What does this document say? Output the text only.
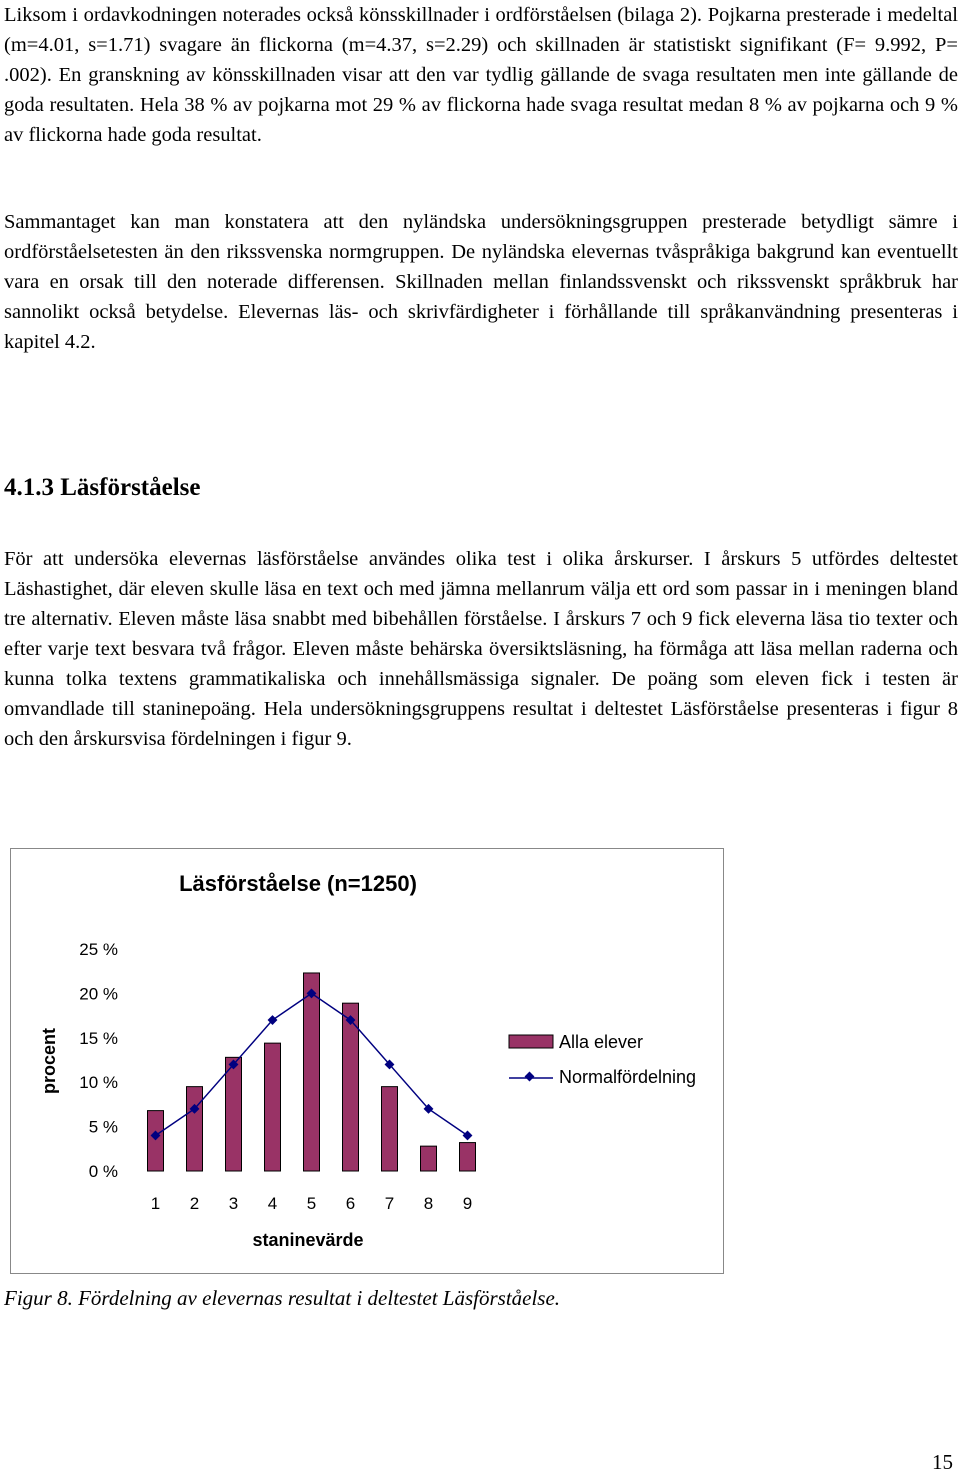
Liksom i ordavkodningen noterades också könsskillnader i ordförståelsen (bilaga 2). Pojkarna presterade i medeltal (m=4.01, s=1.71) svagare än flickorna (m=4.37, s=2.29) och skillnaden är statistiskt signifikant (F= 9.992, P= .002). En granskning av könsskillnaden visar att den var tydlig gällande de svaga resultaten men inte gällande de goda resultaten. Hela 38 % av pojkarna mot 29 % av flickorna hade svaga resultat medan 8 % av pojkarna och 9 % av flickorna hade goda resultat.

Sammantaget kan man konstatera att den nyländska undersökningsgruppen presterade betydligt sämre i ordförståelsetesten än den rikssvenska normgruppen. De nyländska elevernas tvåspråkiga bakgrund kan eventuellt vara en orsak till den noterade differensen. Skillnaden mellan finlandssvenskt och rikssvenskt språkbruk har sannolikt också betydelse. Elevernas läs- och skrivfärdigheter i förhållande till språkanvändning presenteras i kapitel 4.2.

4.1.3 Läsförståelse

För att undersöka elevernas läsförståelse användes olika test i olika årskurser. I årskurs 5 utfördes deltestet Läshastighet, där eleven skulle läsa en text och med jämna mellanrum välja ett ord som passar in i meningen bland tre alternativ. Eleven måste läsa snabbt med bibehållen förståelse. I årskurs 7 och 9 fick eleverna läsa tio texter och efter varje text besvara två frågor. Eleven måste behärska översiktsläsning, ha förmåga att läsa mellan raderna och kunna tolka textens grammatikaliska och innehållsmässiga signaler. De poäng som eleven fick i testen är omvandlade till staninepoäng. Hela undersökningsgruppens resultat i deltestet Läsförståelse presenteras i figur 8 och den årskursvisa fördelningen i figur 9.

Läsförståelse (n=1250)
procent
staninevärde
0 %
5 %
10 %
15 %
20 %
25 %
1 2 3 4 5 6 7 8 9
Alla elever
Normalfördelning

Figur 8. Fördelning av elevernas resultat i deltestet Läsförståelse.

15
